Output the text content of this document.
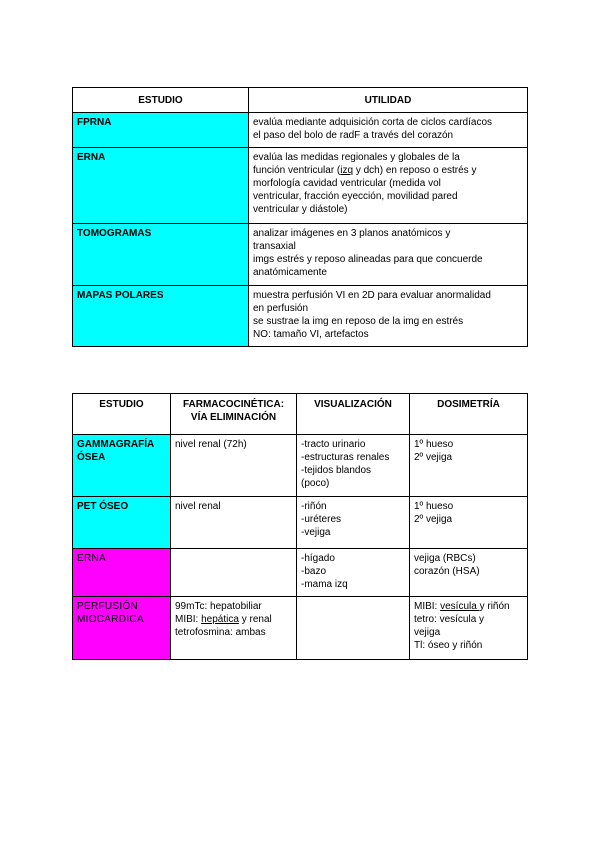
ESTUDIO	UTILIDAD
FPRNA	evalúa mediante adquisición corta de ciclos cardíacos
el paso del bolo de radF a través del corazón

ERNA	evalúa las medidas regionales y globales de la
función ventricular (izq y dch) en reposo o estrés y
morfología cavidad ventricular (medida vol
ventricular, fracción eyección, movilidad pared
ventricular y diástole)

TOMOGRAMAS	analizar imágenes en 3 planos anatómicos y
transaxial
imgs estrés y reposo alineadas para que concuerde
anatómicamente

MAPAS POLARES	muestra perfusión VI en 2D para evaluar anormalidad
en perfusión
se sustrae la img en reposo de la img en estrés
NO: tamaño VI, artefactos
ESTUDIO	FARMACOCINÉTICA:
VÍA ELIMINACIÓN	VISUALIZACIÓN	DOSIMETRÍA

GAMMAGRAFÍA
ÓSEA	nivel renal (72h)	-tracto urinario
-estructuras renales
-tejidos blandos
(poco)	1º hueso
2º vejiga

PET ÓSEO	nivel renal	-riñón
-uréteres
-vejiga	1º hueso
2º vejiga

ERNA		-hígado
-bazo
-mama izq	vejiga (RBCs)
corazón (HSA)

PERFUSIÓN
MIOCÁRDICA	99mTc: hepatobiliar
MIBI: hepática y renal
tetrofosmina: ambas		MIBI: vesícula y riñón
tetro: vesícula y
vejiga
Tl: óseo y riñón
